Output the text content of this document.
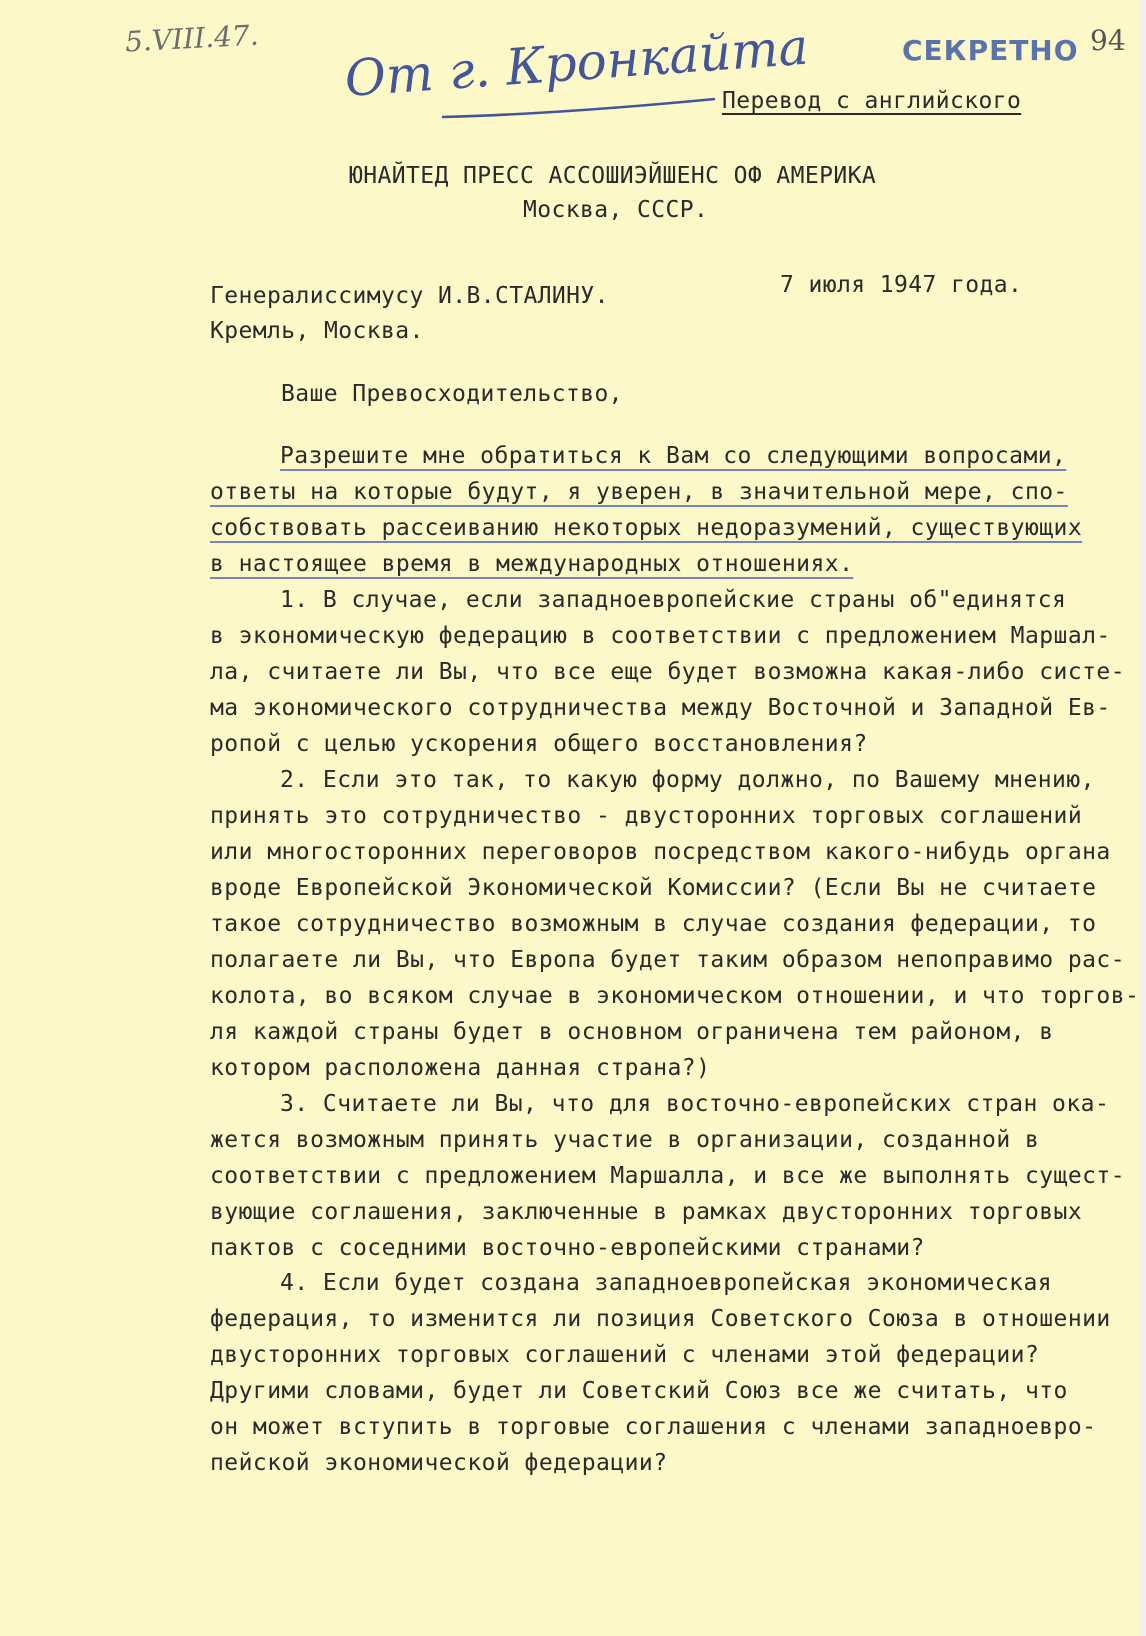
5.VIII.47.	СЕКРЕТНО 94
От г. Кронкайта
Перевод с английского
ЮНАЙТЕД ПРЕСС АССОШИЭЙШЕНС ОФ АМЕРИКА
Москва, СССР.
Генералиссимусу И.В.СТАЛИНУ.	7 июля 1947 года.
Кремль, Москва.
Ваше Превосходительство,
Разрешите мне обратиться к Вам со следующими вопросами,
ответы на которые будут, я уверен, в значительной мере, спо-
собствовать рассеиванию некоторых недоразумений, существующих
в настоящее время в международных отношениях.
1. В случае, если западноевропейские страны об"единятся
в экономическую федерацию в соответствии с предложением Маршал-
ла, считаете ли Вы, что все еще будет возможна какая-либо систе-
ма экономического сотрудничества между Восточной и Западной Ев-
ропой с целью ускорения общего восстановления?
2. Если это так, то какую форму должно, по Вашему мнению,
принять это сотрудничество - двусторонних торговых соглашений
или многосторонних переговоров посредством какого-нибудь органа
вроде Европейской Экономической Комиссии? (Если Вы не считаете
такое сотрудничество возможным в случае создания федерации, то
полагаете ли Вы, что Европа будет таким образом непоправимо рас-
колота, во всяком случае в экономическом отношении, и что торгов-
ля каждой страны будет в основном ограничена тем районом, в
котором расположена данная страна?)
3. Считаете ли Вы, что для восточно-европейских стран ока-
жется возможным принять участие в организации, созданной в
соответствии с предложением Маршалла, и все же выполнять сущест-
вующие соглашения, заключенные в рамках двусторонних торговых
пактов с соседними восточно-европейскими странами?
4. Если будет создана западноевропейская экономическая
федерация, то изменится ли позиция Советского Союза в отношении
двусторонних торговых соглашений с членами этой федерации?
Другими словами, будет ли Советский Союз все же считать, что
он может вступить в торговые соглашения с членами западноевро-
пейской экономической федерации?
